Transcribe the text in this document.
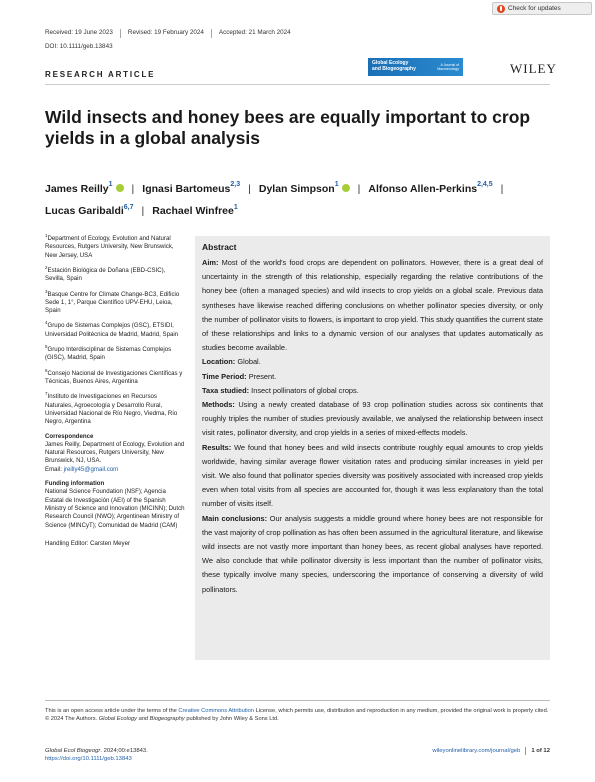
Check for updates
Received: 19 June 2023 Revised: 19 February 2024 Accepted: 21 March 2024
DOI: 10.1111/geb.13843
RESEARCH ARTICLE
Global Ecology
and Biogeography
A Journal of
Macroecology	WILEY
Wild insects and honey bees are equally important to crop yields in a global analysis
James Reilly$^1$ | Ignasi Bartomeus$^{2,3}$ | Dylan Simpson$^1$ | Alfonso Allen-Perkins$^{2,4,5}$ |
Lucas Garibaldi$^{6,7}$ | Rachael Winfree$^1$
$^1$Department of Ecology, Evolution and Natural Resources, Rutgers University, New Brunswick, New Jersey, USA
$^2$Estación Biológica de Doñana (EBD-CSIC), Sevilla, Spain
$^3$Basque Centre for Climate Change-BC3, Edificio Sede 1, 1°, Parque Científico UPV-EHU, Leioa, Spain
$^4$Grupo de Sistemas Complejos (GSC), ETSIDI, Universidad Politécnica de Madrid, Madrid, Spain
$^5$Grupo Interdisciplinar de Sistemas Complejos (GISC), Madrid, Spain
$^6$Consejo Nacional de Investigaciones Científicas y Técnicas, Buenos Aires, Argentina
$^7$Instituto de Investigaciones en Recursos Naturales, Agroecología y Desarrollo Rural, Universidad Nacional de Río Negro, Viedma, Río Negro, Argentina
Correspondence
James Reilly, Department of Ecology, Evolution and Natural Resources, Rutgers University, New Brunswick, NJ, USA.
Email: jreilly45@gmail.com
Funding information
National Science Foundation (NSF); Agencia Estatal de Investigación (AEI) of the Spanish Ministry of Science and Innovation (MICINN); Dutch Research Council (NWO); Argentinean Ministry of Science (MINCyT); Comunidad de Madrid (CAM)
Handling Editor: Carsten Meyer
Abstract

Aim: Most of the world's food crops are dependent on pollinators. However, there is a great deal of uncertainty in the strength of this relationship, especially regarding the relative contributions of the honey bee (often a managed species) and wild insects to crop yields on a global scale. Previous data syntheses have likewise reached differing conclusions on whether pollinator species diversity, or only the number of pollinator visits to flowers, is important to crop yield. This study quantifies the current state of these relationships and links to a dynamic version of our analyses that updates automatically as studies become available.

Location: Global.

Time Period: Present.

Taxa studied: Insect pollinators of global crops.

Methods: Using a newly created database of 93 crop pollination studies across six continents that roughly triples the number of studies previously available, we analysed the relationship between insect visit rates, pollinator diversity, and crop yields in a series of mixed-effects models.

Results: We found that honey bees and wild insects contribute roughly equal amounts to crop yields worldwide, having similar average flower visitation rates and producing similar increases in yield per visit. We also found that pollinator species diversity was positively associated with increased crop yields even when total visits from all species are accounted for, though it was less explanatory than the total number of visits itself.

Main conclusions: Our analysis suggests a middle ground where honey bees are not responsible for the vast majority of crop pollination as has often been assumed in the agricultural literature, and likewise wild insects are not vastly more important than honey bees, as recent global analyses have reported. We also conclude that while pollinator diversity is less important than the number of pollinator visits, these typically involve many species, underscoring the importance of conserving a diversity of wild pollinators.

This is an open access article under the terms of the Creative Commons Attribution License, which permits use, distribution and reproduction in any medium, provided the original work is properly cited.
© 2024 The Authors. Global Ecology and Biogeography published by John Wiley & Sons Ltd.
Global Ecol Biogeogr. 2024;00:e13843.
https://doi.org/10.1111/geb.13843
wileyonlinelibrary.com/journal/geb 1 of 12
